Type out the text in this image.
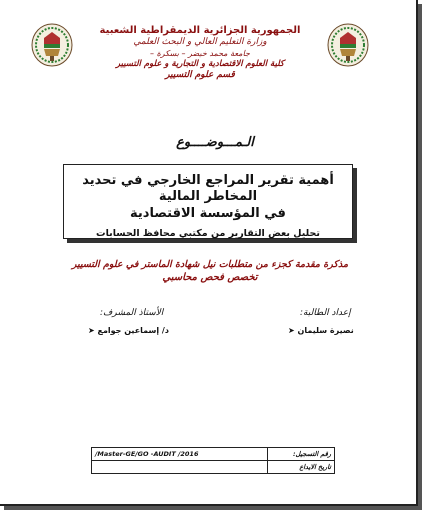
الجمهورية الجزائرية الديمقراطية الشعبية
وزارة التعليم العالي و البحث العلمي
جامعة محمد خيضر – بسكرة –
كلية العلوم الاقتصادية و التجارية و علوم التسيير
قسم علوم التسيير
الـمـــوضــــوع
أهمية تقرير المراجع الخارجي في تحديد المخاطر المالية
في المؤسسة الاقتصادية
تحليل بعض التقارير من مكتبي محافظ الحسابات
مذكرة مقدمة كجزء من متطلبات نيل شهادة الماستر في علوم التسيير
تخصص فحص محاسبي
إعداد الطالبة:
الأستاذ المشرف:
نصيرة سليمان ➤
د/ إسماعين جوامع ➤
/Master-GE/GO -AUDIT /2016	رقم التسجيل:
	تاريخ الايداع
